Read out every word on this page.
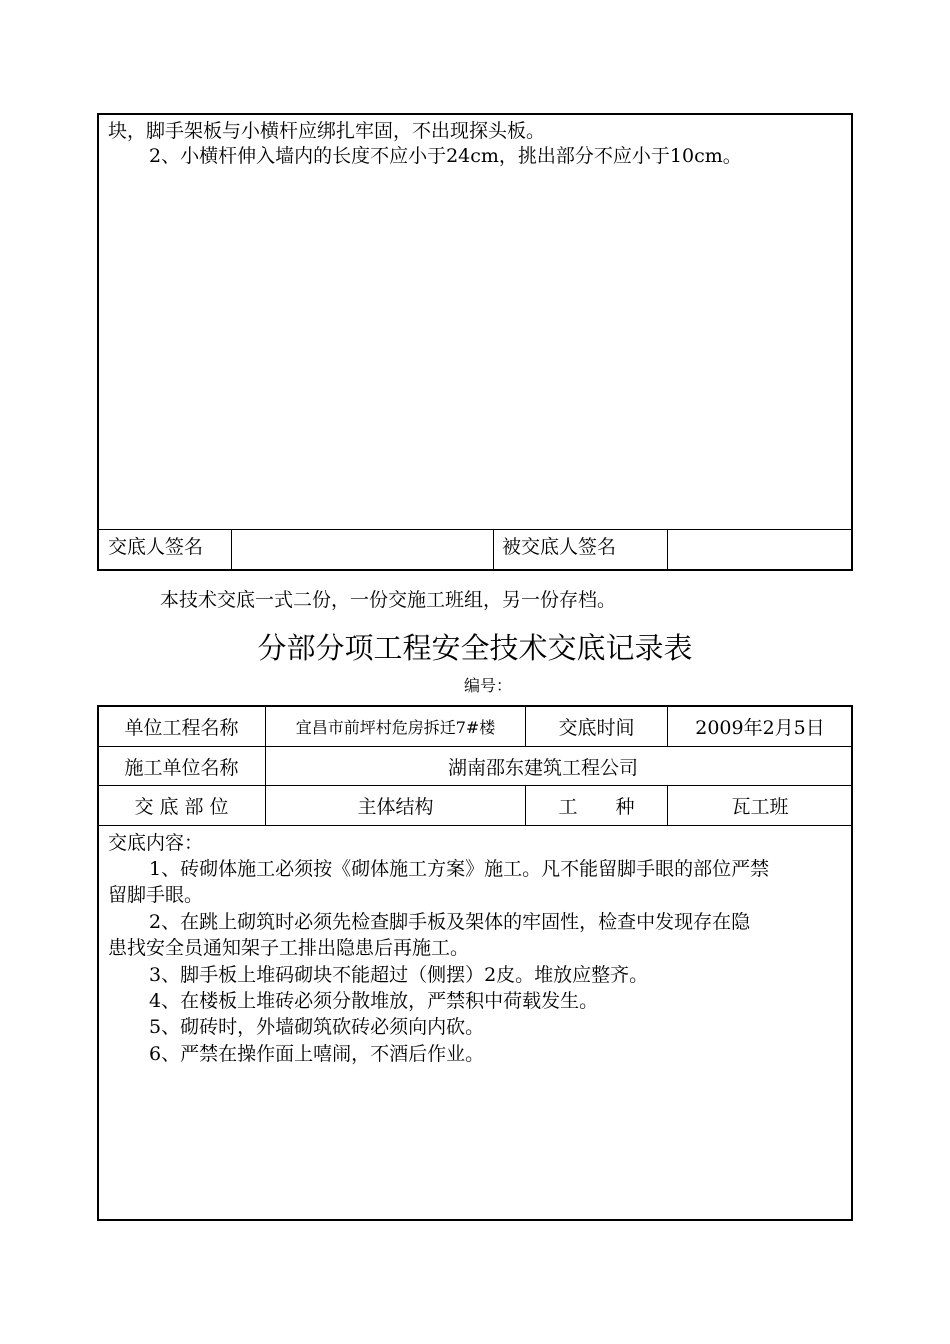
块，脚手架板与小横杆应绑扎牢固，不出现探头板。
2、小横杆伸入墙内的长度不应小于24cm，挑出部分不应小于10cm。
交底人签名	被交底人签名
本技术交底一式二份，一份交施工班组，另一份存档。
分部分项工程安全技术交底记录表
编号：
单位工程名称	宜昌市前坪村危房拆迁7#楼	交底时间	2009年2月5日
施工单位名称	湖南邵东建筑工程公司
交 底 部 位	主体结构	工　　种	瓦工班
交底内容：
1、砖砌体施工必须按《砌体施工方案》施工。凡不能留脚手眼的部位严禁
留脚手眼。
2、在跳上砌筑时必须先检查脚手板及架体的牢固性，检查中发现存在隐
患找安全员通知架子工排出隐患后再施工。
3、脚手板上堆码砌块不能超过（侧摆）2皮。堆放应整齐。
4、在楼板上堆砖必须分散堆放，严禁积中荷载发生。
5、砌砖时，外墙砌筑砍砖必须向内砍。
6、严禁在操作面上嘻闹，不酒后作业。
